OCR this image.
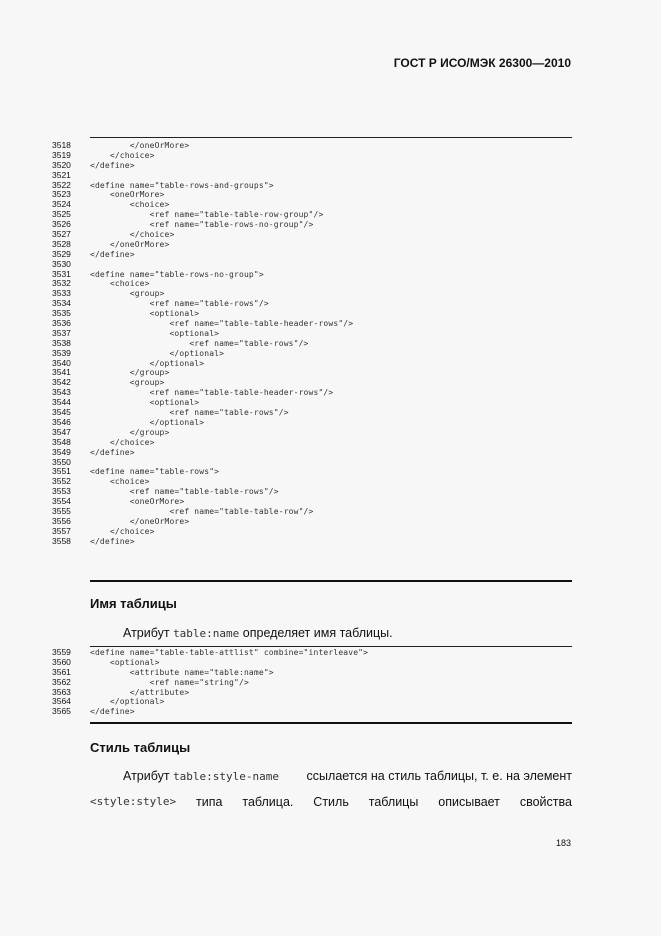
ГОСТ Р ИСО/МЭК 26300—2010
3518	</oneOrMore>
3519	</choice>
3520	</define>
3521
3522	<define name="table-rows-and-groups">
3523	<oneOrMore>
3524	<choice>
3525	<ref name="table-table-row-group"/>
3526	<ref name="table-rows-no-group"/>
3527	</choice>
3528	</oneOrMore>
3529	</define>
3530
3531	<define name="table-rows-no-group">
3532	<choice>
3533	<group>
3534	<ref name="table-rows"/>
3535	<optional>
3536	<ref name="table-table-header-rows"/>
3537	<optional>
3538	<ref name="table-rows"/>
3539	</optional>
3540	</optional>
3541	</group>
3542	<group>
3543	<ref name="table-table-header-rows"/>
3544	<optional>
3545	<ref name="table-rows"/>
3546	</optional>
3547	</group>
3548	</choice>
3549	</define>
3550
3551	<define name="table-rows">
3552	<choice>
3553	<ref name="table-table-rows"/>
3554	<oneOrMore>
3555	<ref name="table-table-row"/>
3556	</oneOrMore>
3557	</choice>
3558	</define>
Имя таблицы
Атрибут table:name определяет имя таблицы.
3559	<define name="table-table-attlist" combine="interleave">
3560	<optional>
3561	<attribute name="table:name">
3562	<ref name="string"/>
3563	</attribute>
3564	</optional>
3565	</define>
Стиль таблицы
Атрибут table:style-name ссылается на стиль таблицы, т. е. на элемент
<style:style> типа таблица. Стиль таблицы описывает свойства
183
